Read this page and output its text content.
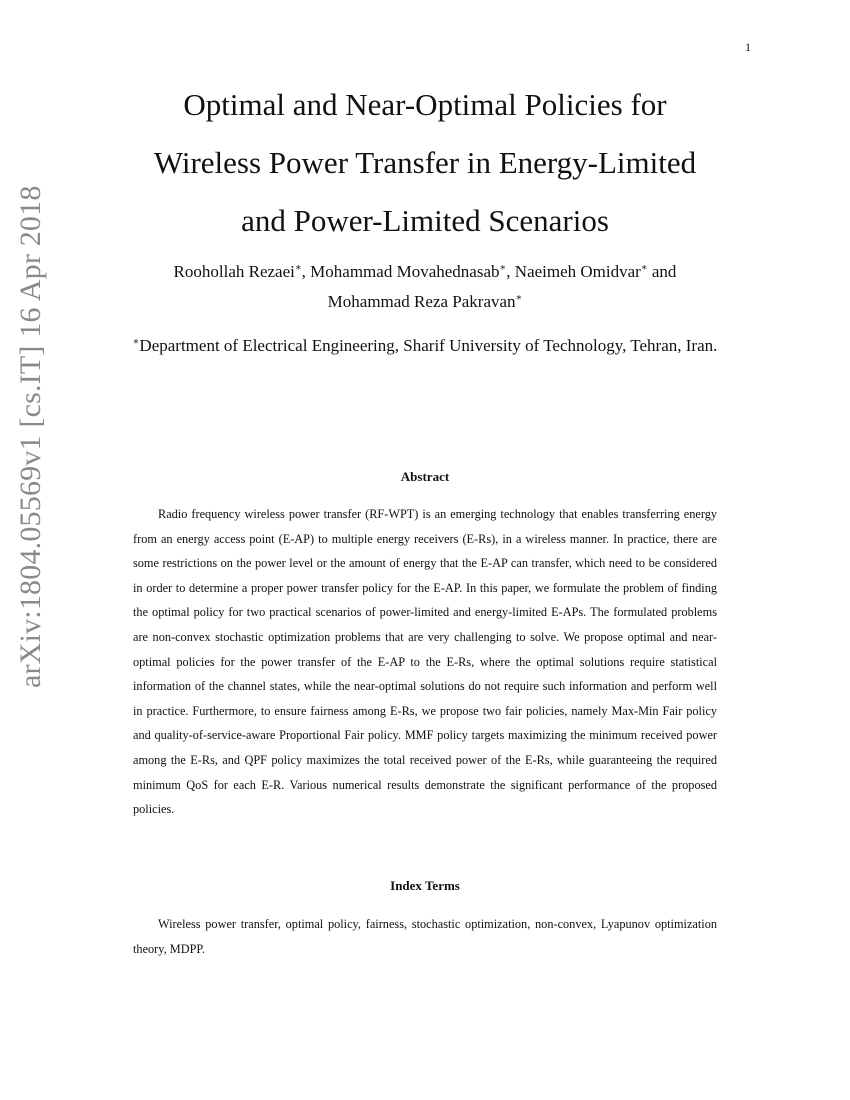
1
arXiv:1804.05569v1 [cs.IT] 16 Apr 2018
Optimal and Near-Optimal Policies for
Wireless Power Transfer in Energy-Limited
and Power-Limited Scenarios
Roohollah Rezaei∗, Mohammad Movahednasab∗, Naeimeh Omidvar∗ and
Mohammad Reza Pakravan∗
∗Department of Electrical Engineering, Sharif University of Technology, Tehran, Iran.
Abstract

Radio frequency wireless power transfer (RF-WPT) is an emerging technology that enables transferring energy from an energy access point (E-AP) to multiple energy receivers (E-Rs), in a wireless manner. In practice, there are some restrictions on the power level or the amount of energy that the E-AP can transfer, which need to be considered in order to determine a proper power transfer policy for the E-AP. In this paper, we formulate the problem of finding the optimal policy for two practical scenarios of power-limited and energy-limited E-APs. The formulated problems are non-convex stochastic optimization problems that are very challenging to solve. We propose optimal and near-optimal policies for the power transfer of the E-AP to the E-Rs, where the optimal solutions require statistical information of the channel states, while the near-optimal solutions do not require such information and perform well in practice. Furthermore, to ensure fairness among E-Rs, we propose two fair policies, namely Max-Min Fair policy and quality-of-service-aware Proportional Fair policy. MMF policy targets maximizing the minimum received power among the E-Rs, and QPF policy maximizes the total received power of the E-Rs, while guaranteeing the required minimum QoS for each E-R. Various numerical results demonstrate the significant performance of the proposed policies.

Index Terms

Wireless power transfer, optimal policy, fairness, stochastic optimization, non-convex, Lyapunov optimization theory, MDPP.
